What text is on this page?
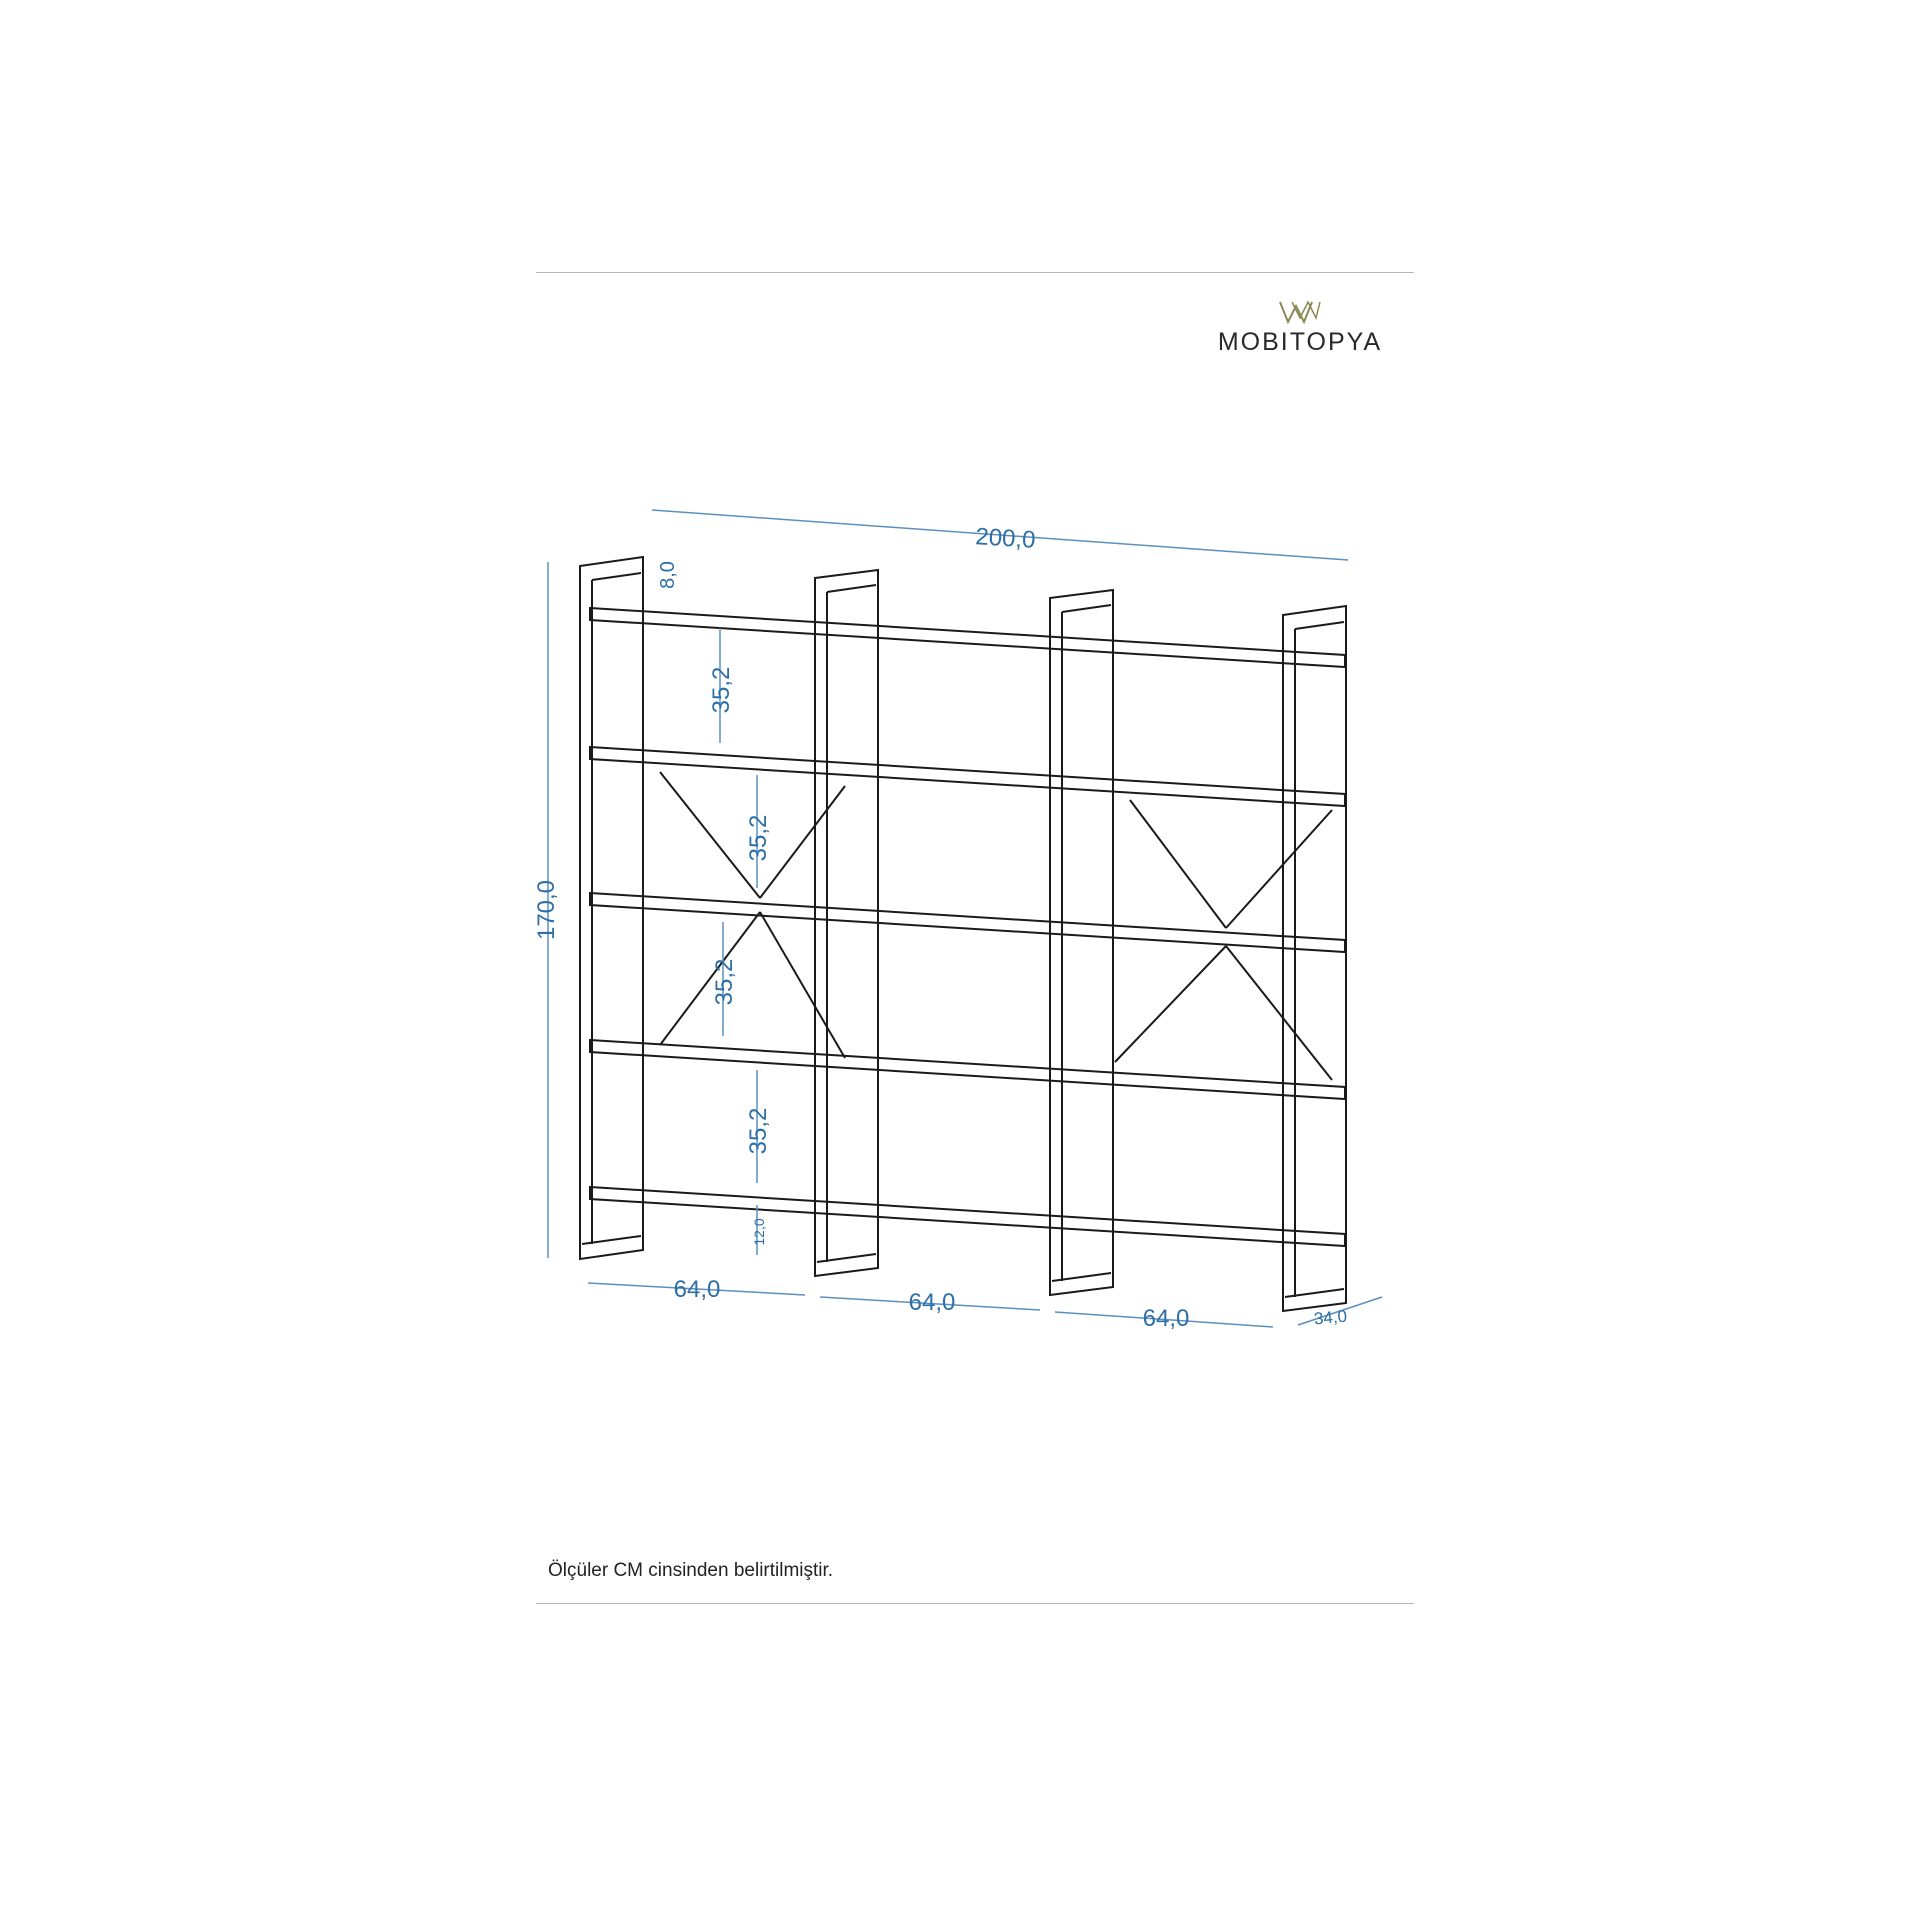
MOBITOPYA
200,0
170,0
8,0
35,2
35,2
35,2
35,2
12,0
64,0	64,0
64,0	34,0
Ölçüler CM cinsinden belirtilmiştir.
